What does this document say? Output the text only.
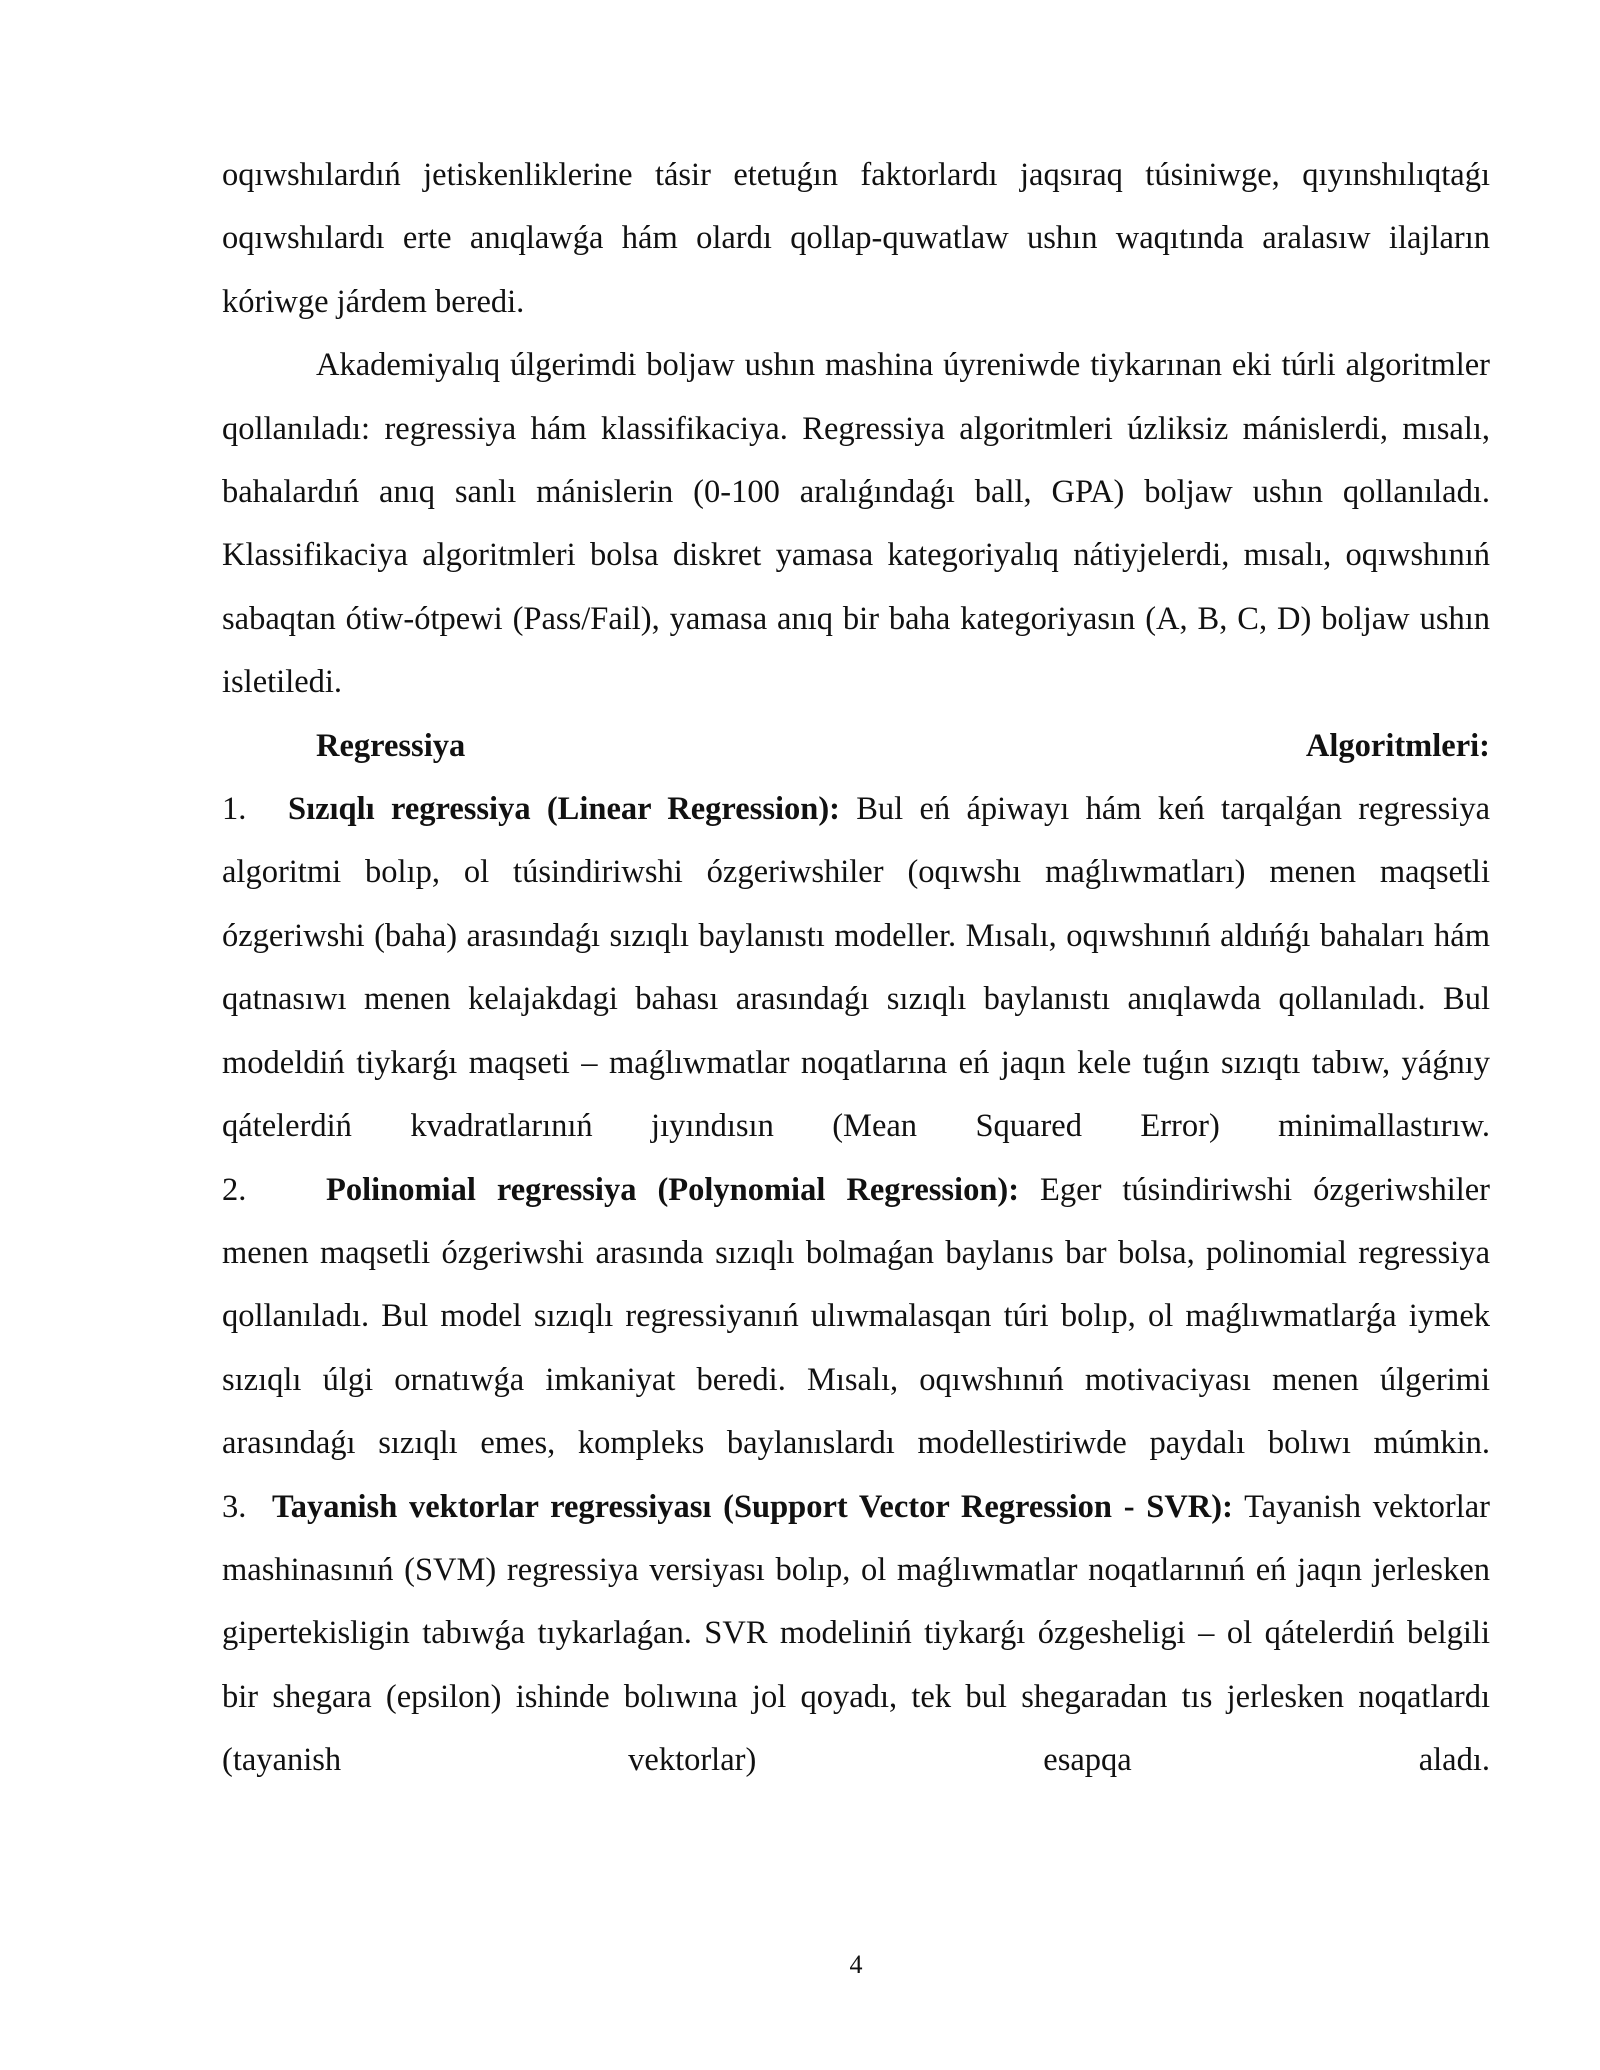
oqıwshılardıń jetiskenliklerine tásir etetuǵın faktorlardı jaqsıraq túsiniwge, qıyınshılıqtaǵı oqıwshılardı erte anıqlawǵa hám olardı qollap-quwatlaw ushın waqıtında aralasıw ilajların kóriwge járdem beredi.

Akademiyalıq úlgerimdi boljaw ushın mashina úyreniwde tiykarınan eki túrli algoritmler qollanıladı: regressiya hám klassifikaciya. Regressiya algoritmleri úzliksiz mánislerdi, mısalı, bahalardıń anıq sanlı mánislerin (0-100 aralıǵındaǵı ball, GPA) boljaw ushın qollanıladı. Klassifikaciya algoritmleri bolsa diskret yamasa kategoriyalıq nátiyjelerdi, mısalı, oqıwshınıń sabaqtan ótiw-ótpewi (Pass/Fail), yamasa anıq bir baha kategoriyasın (A, B, C, D) boljaw ushın isletiledi.

Regressiya	Algoritmleri:

1. Sızıqlı regressiya (Linear Regression): Bul eń ápiwayı hám keń tarqalǵan regressiya algoritmi bolıp, ol túsindiriwshi ózgeriwshiler (oqıwshı maǵlıwmatları) menen maqsetli ózgeriwshi (baha) arasındaǵı sızıqlı baylanıstı modeller. Mısalı, oqıwshınıń aldıńǵı bahaları hám qatnasıwı menen kelajakdagi bahası arasındaǵı sızıqlı baylanıstı anıqlawda qollanıladı. Bul modeldiń tiykarǵı maqseti – maǵlıwmatlar noqatlarına eń jaqın kele tuǵın sızıqtı tabıw, yáǵnıy qátelerdiń kvadratlarınıń jıyındısın (Mean Squared Error) minimallastırıw.

2. Polinomial regressiya (Polynomial Regression): Eger túsindiriwshi ózgeriwshiler menen maqsetli ózgeriwshi arasında sızıqlı bolmaǵan baylanıs bar bolsa, polinomial regressiya qollanıladı. Bul model sızıqlı regressiyanıń ulıwmalasqan túri bolıp, ol maǵlıwmatlarǵa iymek sızıqlı úlgi ornatıwǵa imkaniyat beredi. Mısalı, oqıwshınıń motivaciyası menen úlgerimi arasındaǵı sızıqlı emes, kompleks baylanıslardı modellestiriwde paydalı bolıwı múmkin.

3. Tayanish vektorlar regressiyası (Support Vector Regression - SVR): Tayanish vektorlar mashinasınıń (SVM) regressiya versiyası bolıp, ol maǵlıwmatlar noqatlarınıń eń jaqın jerlesken gipertekisligin tabıwǵa tıykarlaǵan. SVR modeliniń tiykarǵı ózgesheligi – ol qátelerdiń belgili bir shegara (epsilon) ishinde bolıwına jol qoyadı, tek bul shegaradan tıs jerlesken noqatlardı (tayanish vektorlar) esapqa aladı.

4
